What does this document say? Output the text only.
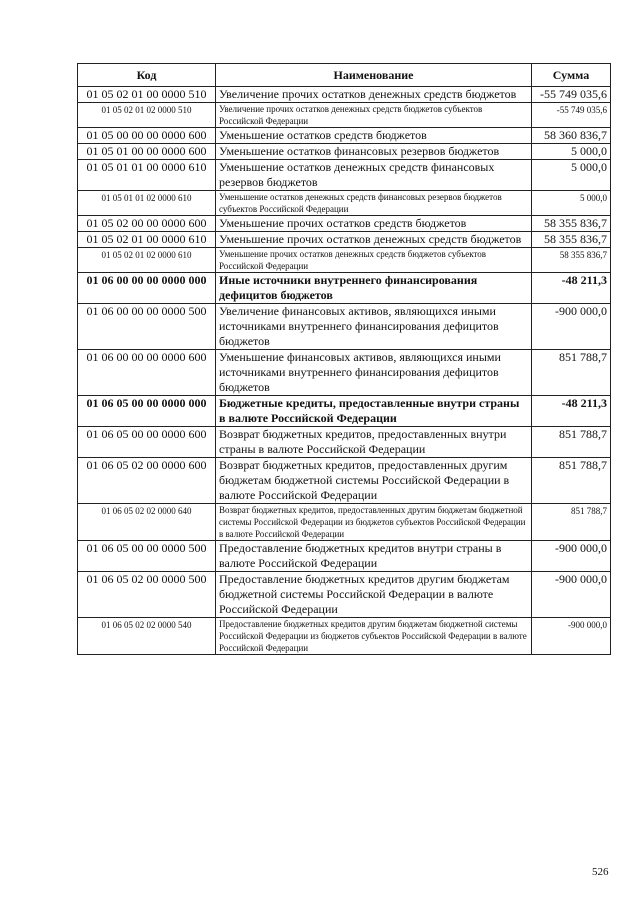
Код	Наименование	Сумма
01 05 02 01 00 0000 510	Увеличение прочих остатков денежных средств бюджетов	-55 749 035,6
01 05 02 01 02 0000 510	Увеличение прочих остатков денежных средств бюджетов субъектов Российской Федерации	-55 749 035,6
01 05 00 00 00 0000 600	Уменьшение остатков средств бюджетов	58 360 836,7
01 05 01 00 00 0000 600	Уменьшение остатков финансовых резервов бюджетов	5 000,0
01 05 01 01 00 0000 610	Уменьшение остатков денежных средств финансовых резервов бюджетов	5 000,0
01 05 01 01 02 0000 610	Уменьшение остатков денежных средств финансовых резервов бюджетов субъектов Российской Федерации	5 000,0
01 05 02 00 00 0000 600	Уменьшение прочих остатков средств бюджетов	58 355 836,7
01 05 02 01 00 0000 610	Уменьшение прочих остатков денежных средств бюджетов	58 355 836,7
01 05 02 01 02 0000 610	Уменьшение прочих остатков денежных средств бюджетов субъектов Российской Федерации	58 355 836,7
01 06 00 00 00 0000 000	Иные источники внутреннего финансирования дефицитов бюджетов	-48 211,3
01 06 00 00 00 0000 500	Увеличение финансовых активов, являющихся иными источниками внутреннего финансирования дефицитов бюджетов	-900 000,0
01 06 00 00 00 0000 600	Уменьшение финансовых активов, являющихся иными источниками внутреннего финансирования дефицитов бюджетов	851 788,7
01 06 05 00 00 0000 000	Бюджетные кредиты, предоставленные внутри страны в валюте Российской Федерации	-48 211,3
01 06 05 00 00 0000 600	Возврат бюджетных кредитов, предоставленных внутри страны в валюте Российской Федерации	851 788,7
01 06 05 02 00 0000 600	Возврат бюджетных кредитов, предоставленных другим бюджетам бюджетной системы Российской Федерации в валюте Российской Федерации	851 788,7
01 06 05 02 02 0000 640	Возврат бюджетных кредитов, предоставленных другим бюджетам бюджетной системы Российской Федерации из бюджетов субъектов Российской Федерации в валюте Российской Федерации	851 788,7
01 06 05 00 00 0000 500	Предоставление бюджетных кредитов внутри страны в валюте Российской Федерации	-900 000,0
01 06 05 02 00 0000 500	Предоставление бюджетных кредитов другим бюджетам бюджетной системы Российской Федерации в валюте Российской Федерации	-900 000,0
01 06 05 02 02 0000 540	Предоставление бюджетных кредитов другим бюджетам бюджетной системы Российской Федерации из бюджетов субъектов Российской Федерации в валюте Российской Федерации	-900 000,0
526
